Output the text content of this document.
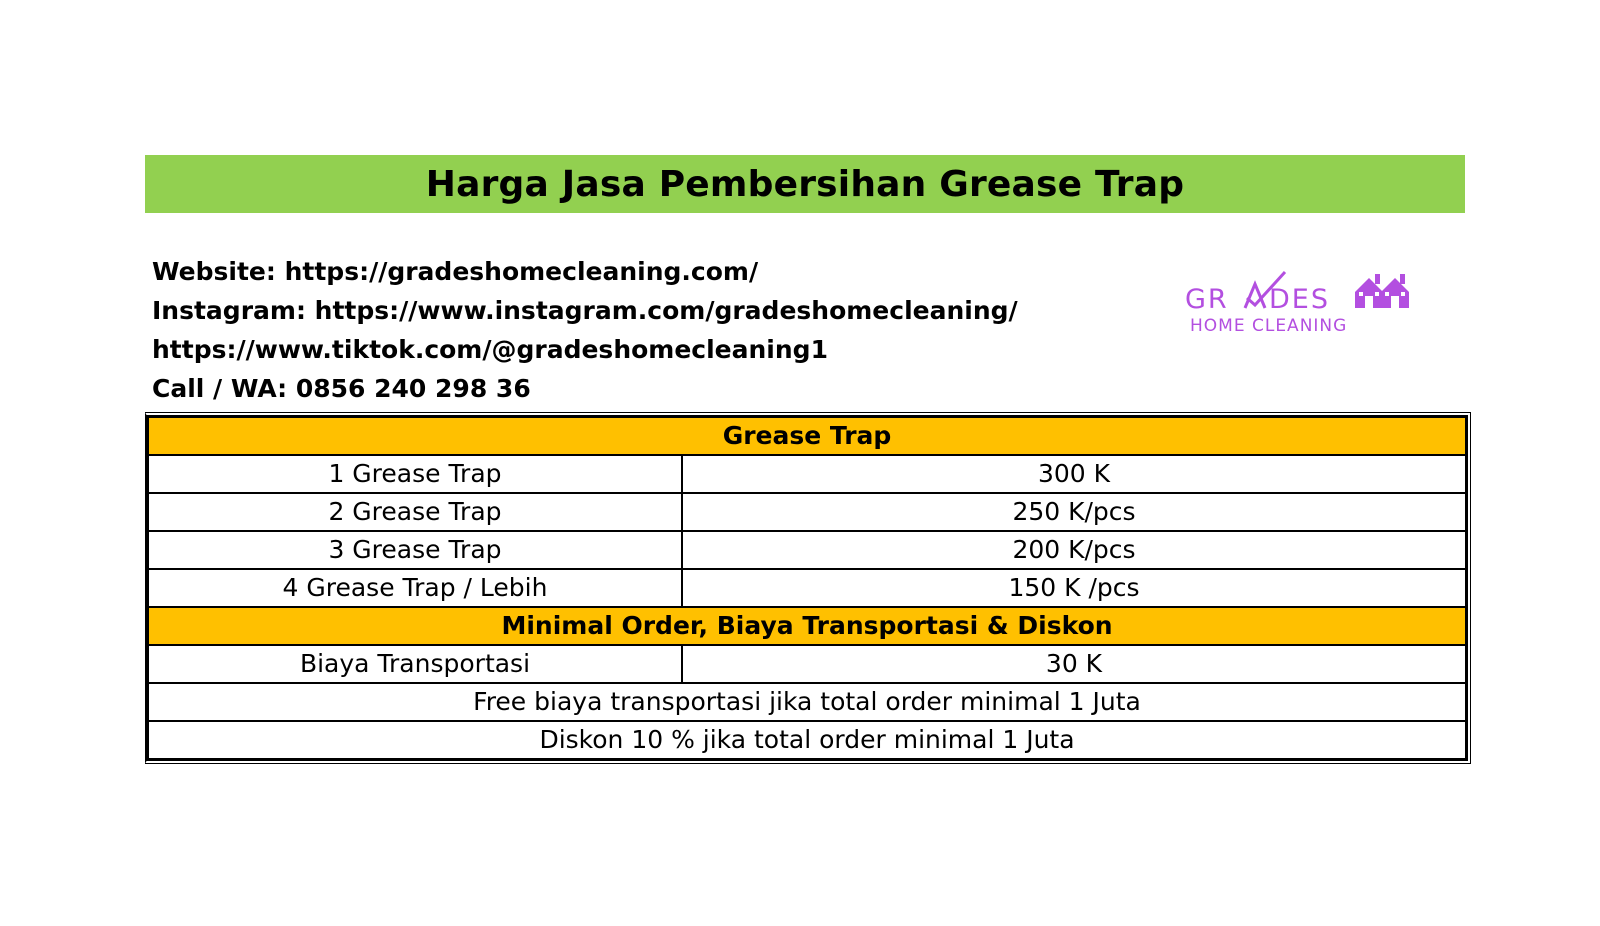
Harga Jasa Pembersihan Grease Trap
Website: https://gradeshomecleaning.com/
Instagram: https://www.instagram.com/gradeshomecleaning/
https://www.tiktok.com/@gradeshomecleaning1
Call / WA: 0856 240 298 36
GR DES
HOME CLEANING
Grease Trap	
1 Grease Trap	300 K
2 Grease Trap	250 K/pcs
3 Grease Trap	200 K/pcs
4 Grease Trap / Lebih	150 K /pcs
Minimal Order, Biaya Transportasi & Diskon	
Biaya Transportasi	30 K
Free biaya transportasi jika total order minimal 1 Juta	
Diskon 10 % jika total order minimal 1 Juta	
